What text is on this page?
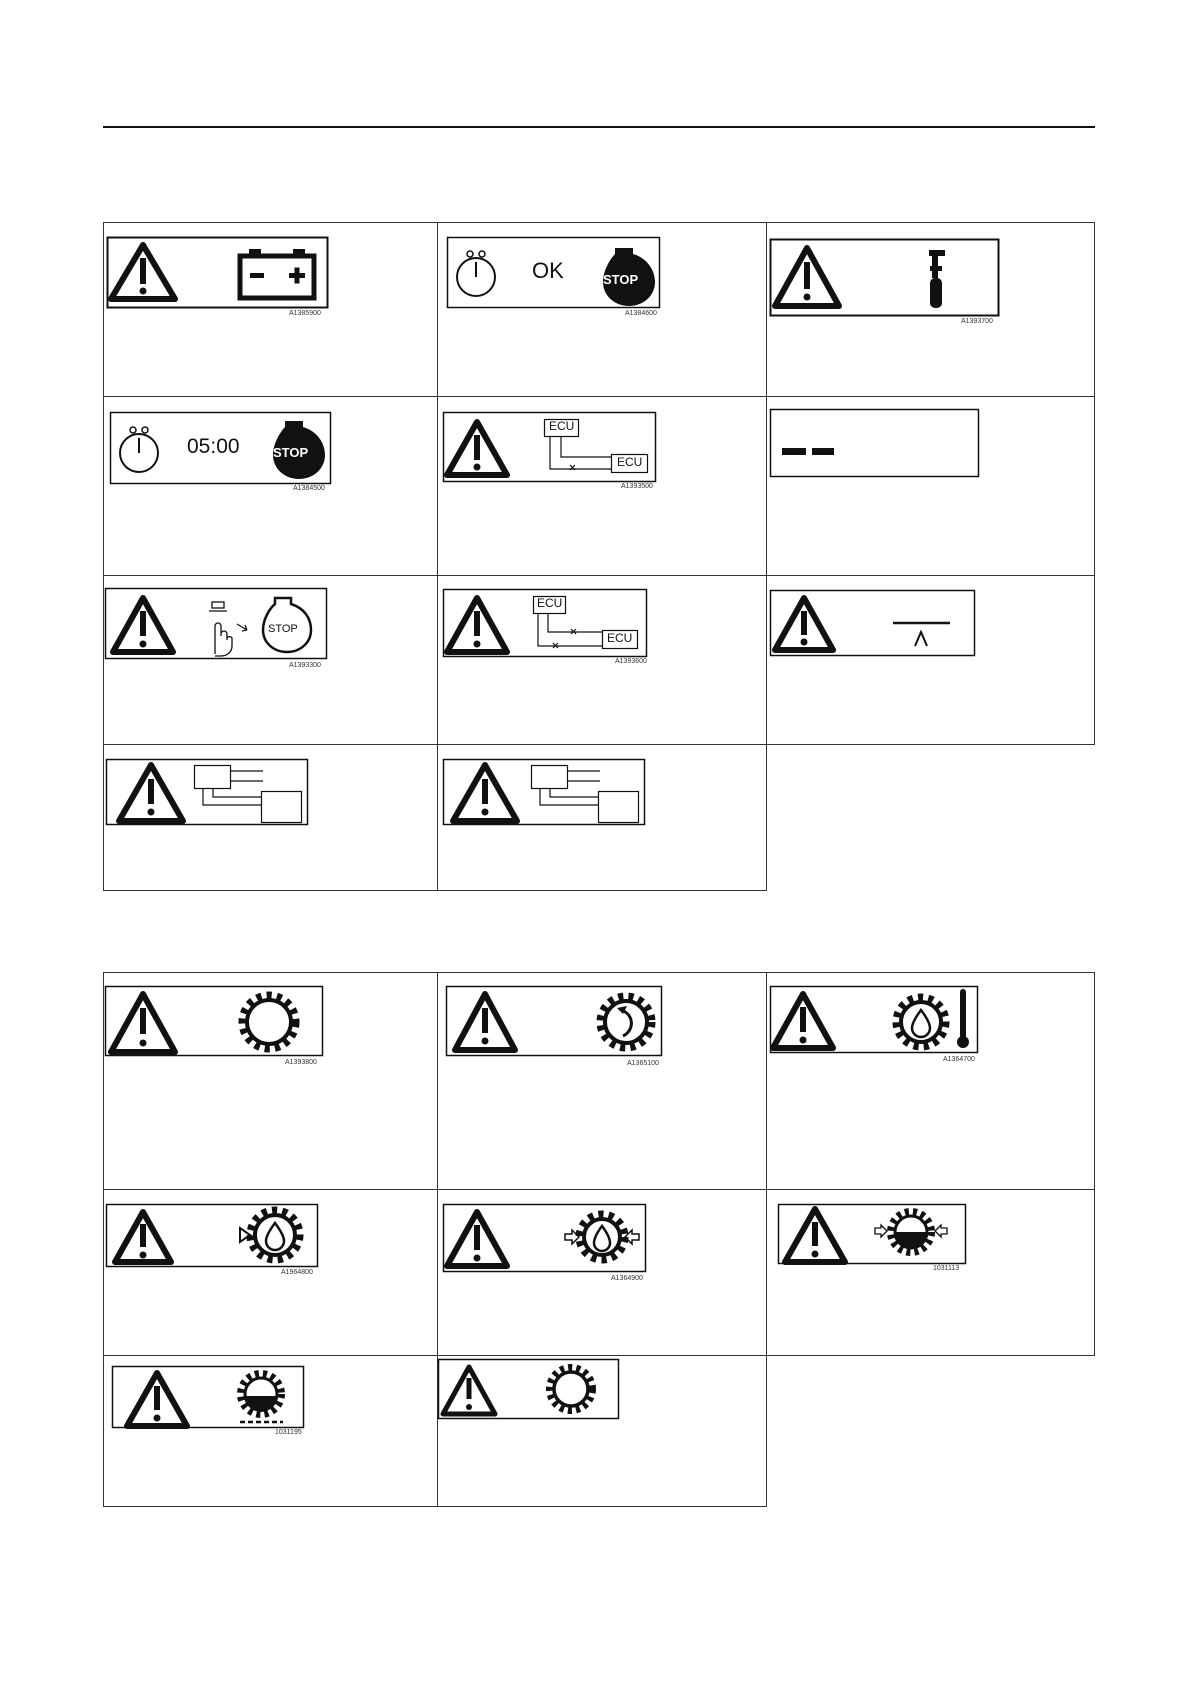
A1385900
OK	STOP
A1384600
A1393700
05:00	STOP
A1384500
ECU
ECU
A1393500
STOP
A1393300
ECU
ECU
A1393600
A1393800	A1365100
A1364700
A1964800
A1364900
1031113
1031195
